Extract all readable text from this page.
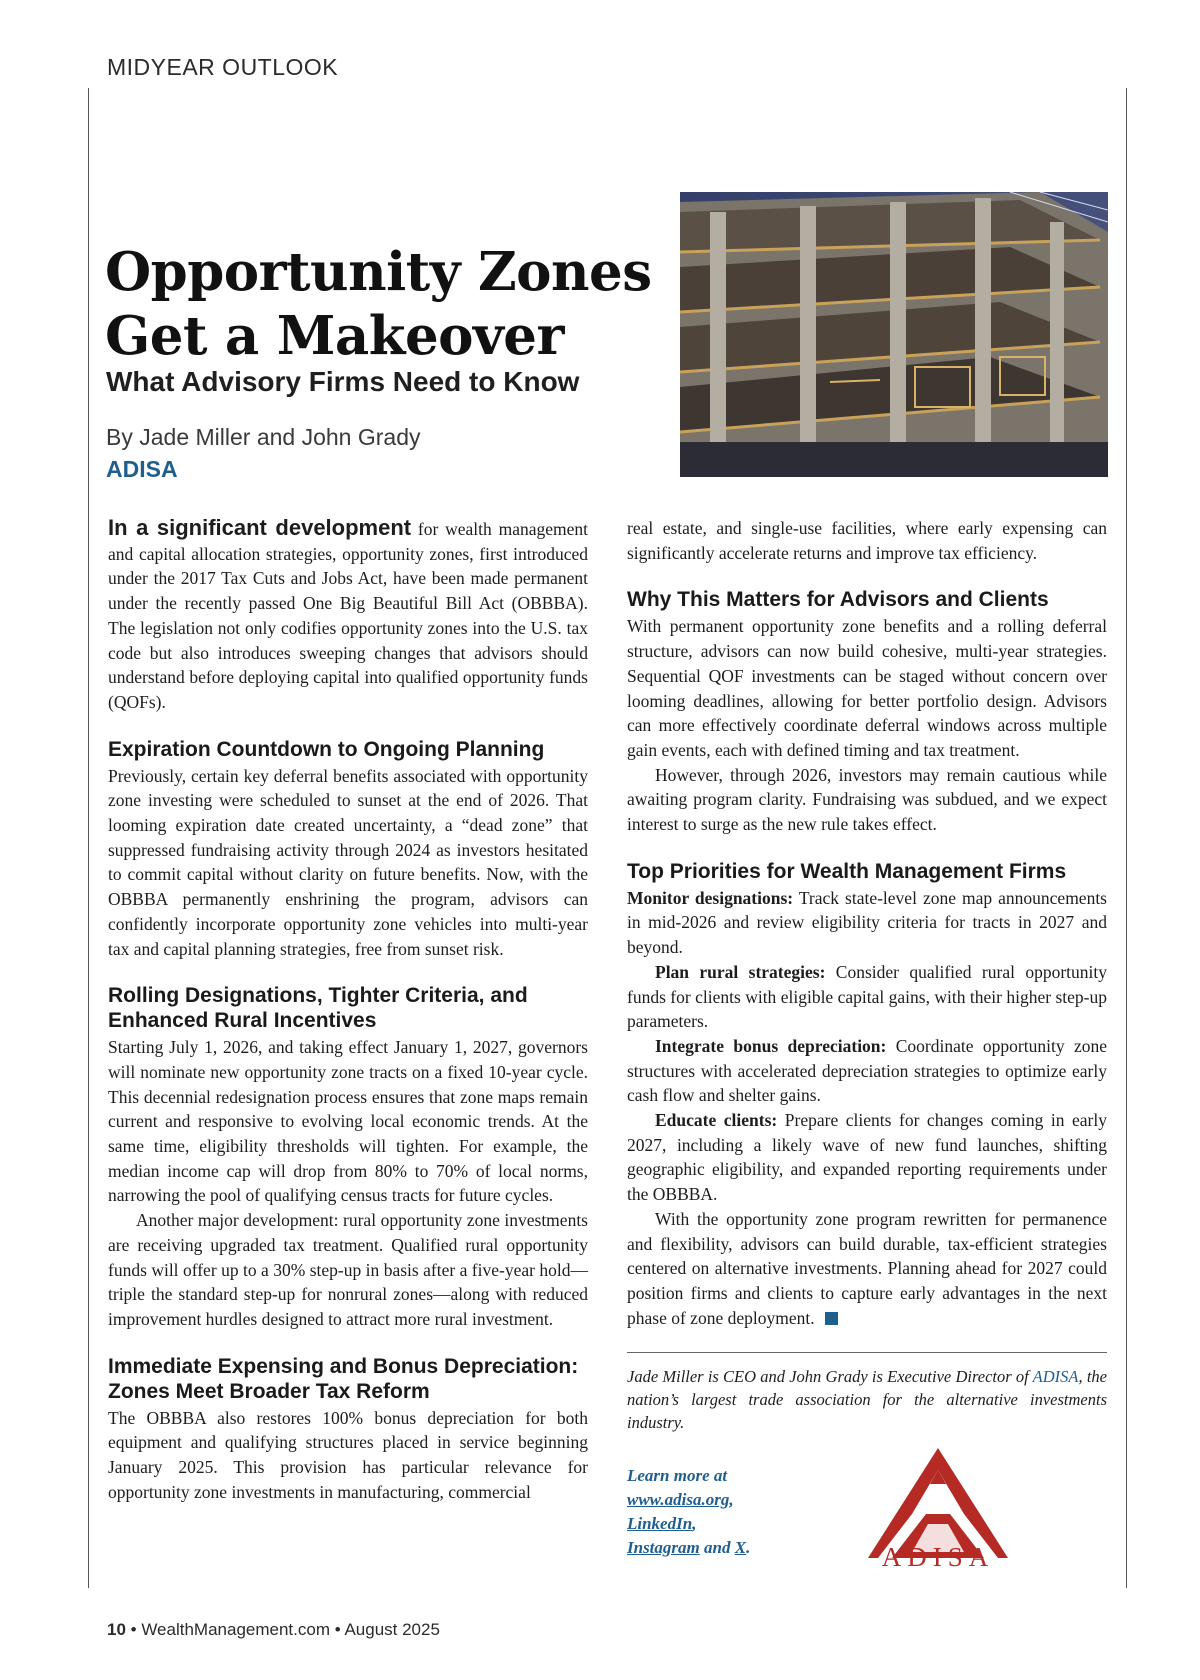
MIDYEAR OUTLOOK
Opportunity Zones
Get a Makeover
What Advisory Firms Need to Know
By Jade Miller and John Grady
ADISA

In a significant development for wealth management and capital allocation strategies, opportunity zones, first introduced under the 2017 Tax Cuts and Jobs Act, have been made permanent under the recently passed One Big Beautiful Bill Act (OBBBA). The legislation not only codifies opportunity zones into the U.S. tax code but also introduces sweeping changes that advisors should understand before deploying capital into qualified opportunity funds (QOFs).

Expiration Countdown to Ongoing Planning

Previously, certain key deferral benefits associated with opportunity zone investing were scheduled to sunset at the end of 2026. That looming expiration date created uncertainty, a “dead zone” that suppressed fundraising activity through 2024 as investors hesitated to commit capital without clarity on future benefits. Now, with the OBBBA permanently enshrining the program, advisors can confidently incorporate opportunity zone vehicles into multi-year tax and capital planning strategies, free from sunset risk.

Rolling Designations, Tighter Criteria, and Enhanced Rural Incentives

Starting July 1, 2026, and taking effect January 1, 2027, governors will nominate new opportunity zone tracts on a fixed 10-year cycle. This decennial redesignation process ensures that zone maps remain current and responsive to evolving local economic trends. At the same time, eligibility thresholds will tighten. For example, the median income cap will drop from 80% to 70% of local norms, narrowing the pool of qualifying census tracts for future cycles.

Another major development: rural opportunity zone investments are receiving upgraded tax treatment. Qualified rural opportunity funds will offer up to a 30% step-up in basis after a five-year hold—triple the standard step-up for nonrural zones—along with reduced improvement hurdles designed to attract more rural investment.

Immediate Expensing and Bonus Depreciation: Zones Meet Broader Tax Reform

The OBBBA also restores 100% bonus depreciation for both equipment and qualifying structures placed in service beginning January 2025. This provision has particular relevance for opportunity zone investments in manufacturing, commercial

real estate, and single-use facilities, where early expensing can significantly accelerate returns and improve tax efficiency.

Why This Matters for Advisors and Clients

With permanent opportunity zone benefits and a rolling deferral structure, advisors can now build cohesive, multi-year strategies. Sequential QOF investments can be staged without concern over looming deadlines, allowing for better portfolio design. Advisors can more effectively coordinate deferral windows across multiple gain events, each with defined timing and tax treatment.

However, through 2026, investors may remain cautious while awaiting program clarity. Fundraising was subdued, and we expect interest to surge as the new rule takes effect.

Top Priorities for Wealth Management Firms

Monitor designations: Track state-level zone map announcements in mid-2026 and review eligibility criteria for tracts in 2027 and beyond.

Plan rural strategies: Consider qualified rural opportunity funds for clients with eligible capital gains, with their higher step-up parameters.

Integrate bonus depreciation: Coordinate opportunity zone structures with accelerated depreciation strategies to optimize early cash flow and shelter gains.

Educate clients: Prepare clients for changes coming in early 2027, including a likely wave of new fund launches, shifting geographic eligibility, and expanded reporting requirements under the OBBBA.

With the opportunity zone program rewritten for permanence and flexibility, advisors can build durable, tax-efficient strategies centered on alternative investments. Planning ahead for 2027 could position firms and clients to capture early advantages in the next phase of zone deployment.

Jade Miller is CEO and John Grady is Executive Director of ADISA, the nation’s largest trade association for the alternative investments industry.

Learn more at
www.adisa.org,
LinkedIn,
Instagram and X.	ADISA
10 • WealthManagement.com • August 2025
